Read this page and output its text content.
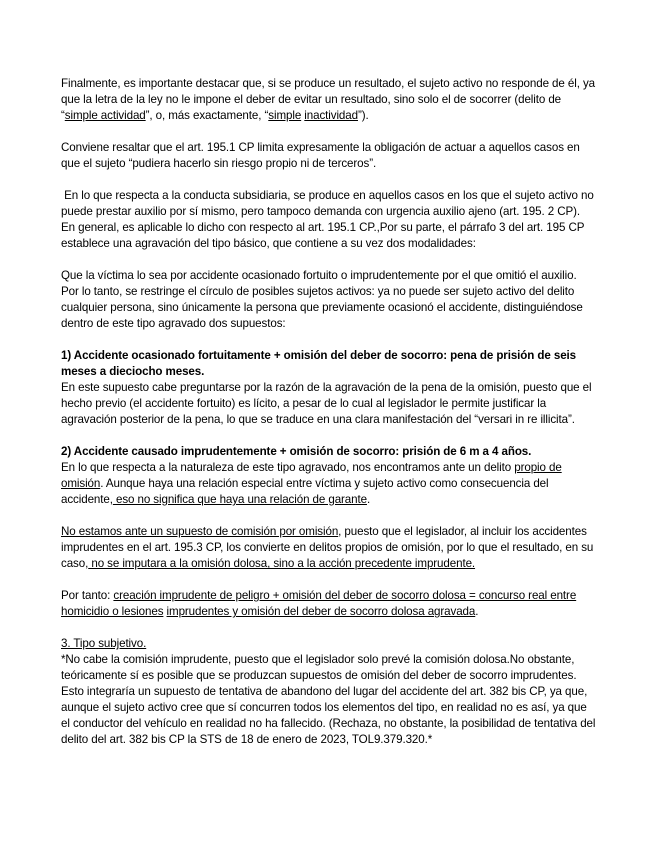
Finalmente, es importante destacar que, si se produce un resultado, el sujeto activo no responde de él, ya que la letra de la ley no le impone el deber de evitar un resultado, sino solo el de socorrer (delito de “simple actividad”, o, más exactamente, “simple inactividad”).

Conviene resaltar que el art. 195.1 CP limita expresamente la obligación de actuar a aquellos casos en que el sujeto “pudiera hacerlo sin riesgo propio ni de terceros”.

En lo que respecta a la conducta subsidiaria, se produce en aquellos casos en los que el sujeto activo no puede prestar auxilio por sí mismo, pero tampoco demanda con urgencia auxilio ajeno (art. 195. 2 CP). En general, es aplicable lo dicho con respecto al art. 195.1 CP.,Por su parte, el párrafo 3 del art. 195 CP establece una agravación del tipo básico, que contiene a su vez dos modalidades:

Que la víctima lo sea por accidente ocasionado fortuito o imprudentemente por el que omitió el auxilio. Por lo tanto, se restringe el círculo de posibles sujetos activos: ya no puede ser sujeto activo del delito cualquier persona, sino únicamente la persona que previamente ocasionó el accidente, distinguiéndose dentro de este tipo agravado dos supuestos:

1) Accidente ocasionado fortuitamente + omisión del deber de socorro: pena de prisión de seis meses a dieciocho meses.

En este supuesto cabe preguntarse por la razón de la agravación de la pena de la omisión, puesto que el hecho previo (el accidente fortuito) es lícito, a pesar de lo cual al legislador le permite justificar la agravación posterior de la pena, lo que se traduce en una clara manifestación del “versari in re illicita”.

2) Accidente causado imprudentemente + omisión de socorro: prisión de 6 m a 4 años.

En lo que respecta a la naturaleza de este tipo agravado, nos encontramos ante un delito propio de omisión. Aunque haya una relación especial entre víctima y sujeto activo como consecuencia del accidente, eso no significa que haya una relación de garante.

No estamos ante un supuesto de comisión por omisión, puesto que el legislador, al incluir los accidentes imprudentes en el art. 195.3 CP, los convierte en delitos propios de omisión, por lo que el resultado, en su caso, no se imputara a la omisión dolosa, sino a la acción precedente imprudente.

Por tanto: creación imprudente de peligro + omisión del deber de socorro dolosa = concurso real entre homicidio o lesiones imprudentes y omisión del deber de socorro dolosa agravada.

3. Tipo subjetivo.

*No cabe la comisión imprudente, puesto que el legislador solo prevé la comisión dolosa.No obstante, teóricamente sí es posible que se produzcan supuestos de omisión del deber de socorro imprudentes. Esto integraría un supuesto de tentativa de abandono del lugar del accidente del art. 382 bis CP, ya que, aunque el sujeto activo cree que sí concurren todos los elementos del tipo, en realidad no es así, ya que el conductor del vehículo en realidad no ha fallecido. (Rechaza, no obstante, la posibilidad de tentativa del delito del art. 382 bis CP la STS de 18 de enero de 2023, TOL9.379.320.*
